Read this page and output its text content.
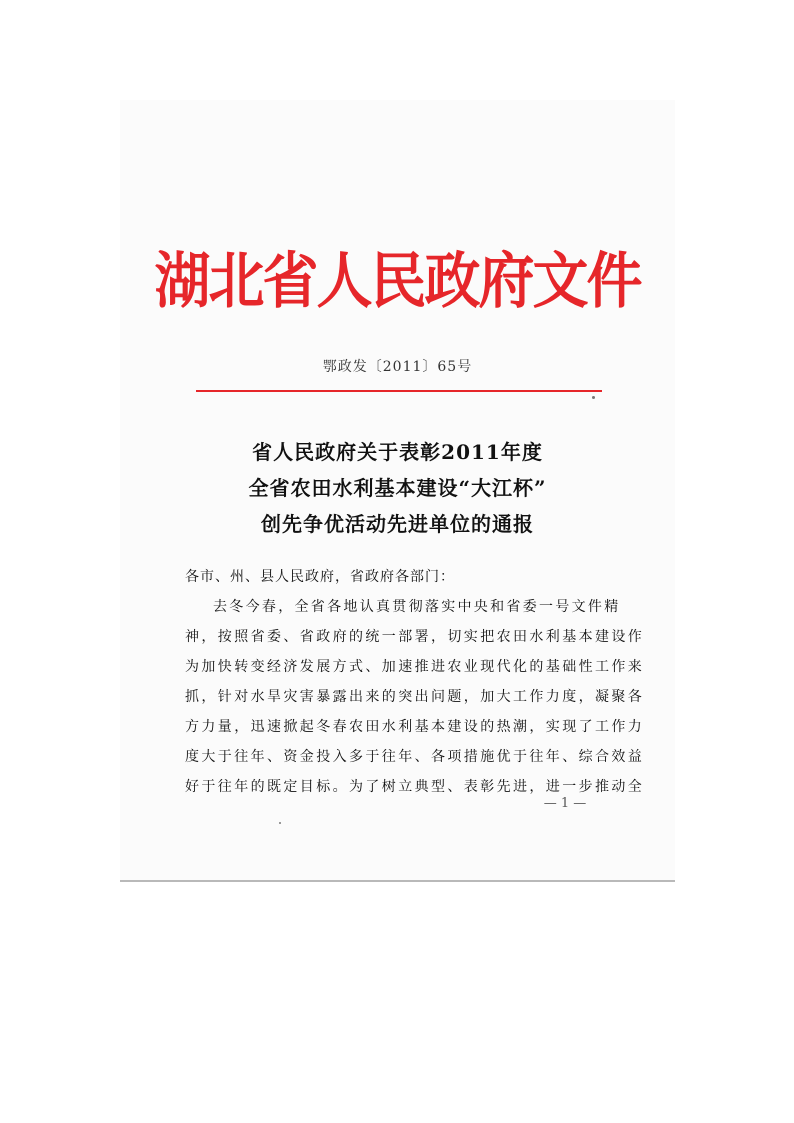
湖北省人民政府文件
鄂政发〔2011〕65号
省人民政府关于表彰2011年度
全省农田水利基本建设“大江杯”
创先争优活动先进单位的通报
各市、州、县人民政府，省政府各部门：
去冬今春，全省各地认真贯彻落实中央和省委一号文件精
神，按照省委、省政府的统一部署，切实把农田水利基本建设作
为加快转变经济发展方式、加速推进农业现代化的基础性工作来
抓，针对水旱灾害暴露出来的突出问题，加大工作力度，凝聚各
方力量，迅速掀起冬春农田水利基本建设的热潮，实现了工作力
度大于往年、资金投入多于往年、各项措施优于往年、综合效益
好于往年的既定目标。为了树立典型、表彰先进，进一步推动全
— 1 —
